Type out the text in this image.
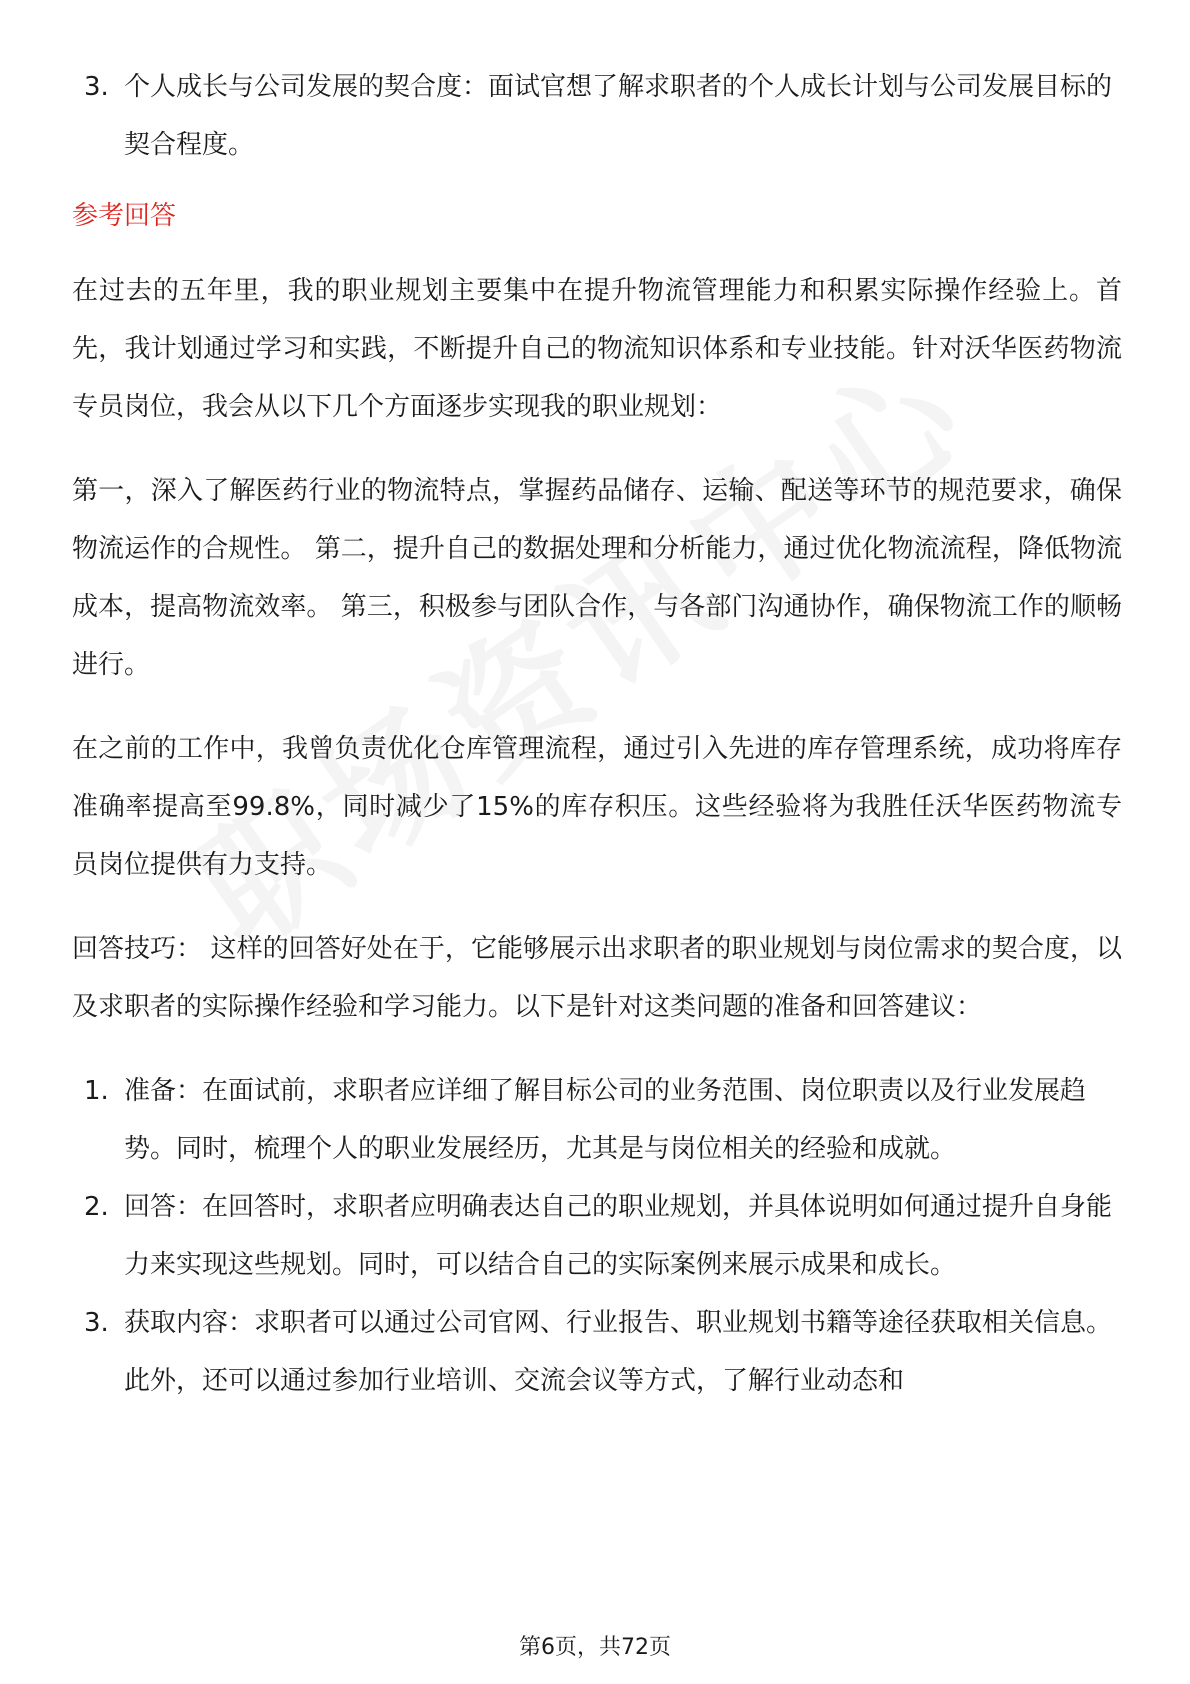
3. 个人成长与公司发展的契合度：面试官想了解求职者的个人成长计划与公司发展目标的契合程度。
参考回答

在过去的五年里，我的职业规划主要集中在提升物流管理能力和积累实际操作经验上。首先，我计划通过学习和实践，不断提升自己的物流知识体系和专业技能。针对沃华医药物流专员岗位，我会从以下几个方面逐步实现我的职业规划：

第一，深入了解医药行业的物流特点，掌握药品储存、运输、配送等环节的规范要求，确保物流运作的合规性。 第二，提升自己的数据处理和分析能力，通过优化物流流程，降低物流成本，提高物流效率。 第三，积极参与团队合作，与各部门沟通协作，确保物流工作的顺畅进行。

在之前的工作中，我曾负责优化仓库管理流程，通过引入先进的库存管理系统，成功将库存准确率提高至99.8%，同时减少了15%的库存积压。这些经验将为我胜任沃华医药物流专员岗位提供有力支持。

回答技巧： 这样的回答好处在于，它能够展示出求职者的职业规划与岗位需求的契合度，以及求职者的实际操作经验和学习能力。以下是针对这类问题的准备和回答建议：

1. 准备：在面试前，求职者应详细了解目标公司的业务范围、岗位职责以及行业发展趋势。同时，梳理个人的职业发展经历，尤其是与岗位相关的经验和成就。
2. 回答：在回答时，求职者应明确表达自己的职业规划，并具体说明如何通过提升自身能力来实现这些规划。同时，可以结合自己的实际案例来展示成果和成长。
3. 获取内容：求职者可以通过公司官网、行业报告、职业规划书籍等途径获取相关信息。此外，还可以通过参加行业培训、交流会议等方式，了解行业动态和
第6页，共72页
